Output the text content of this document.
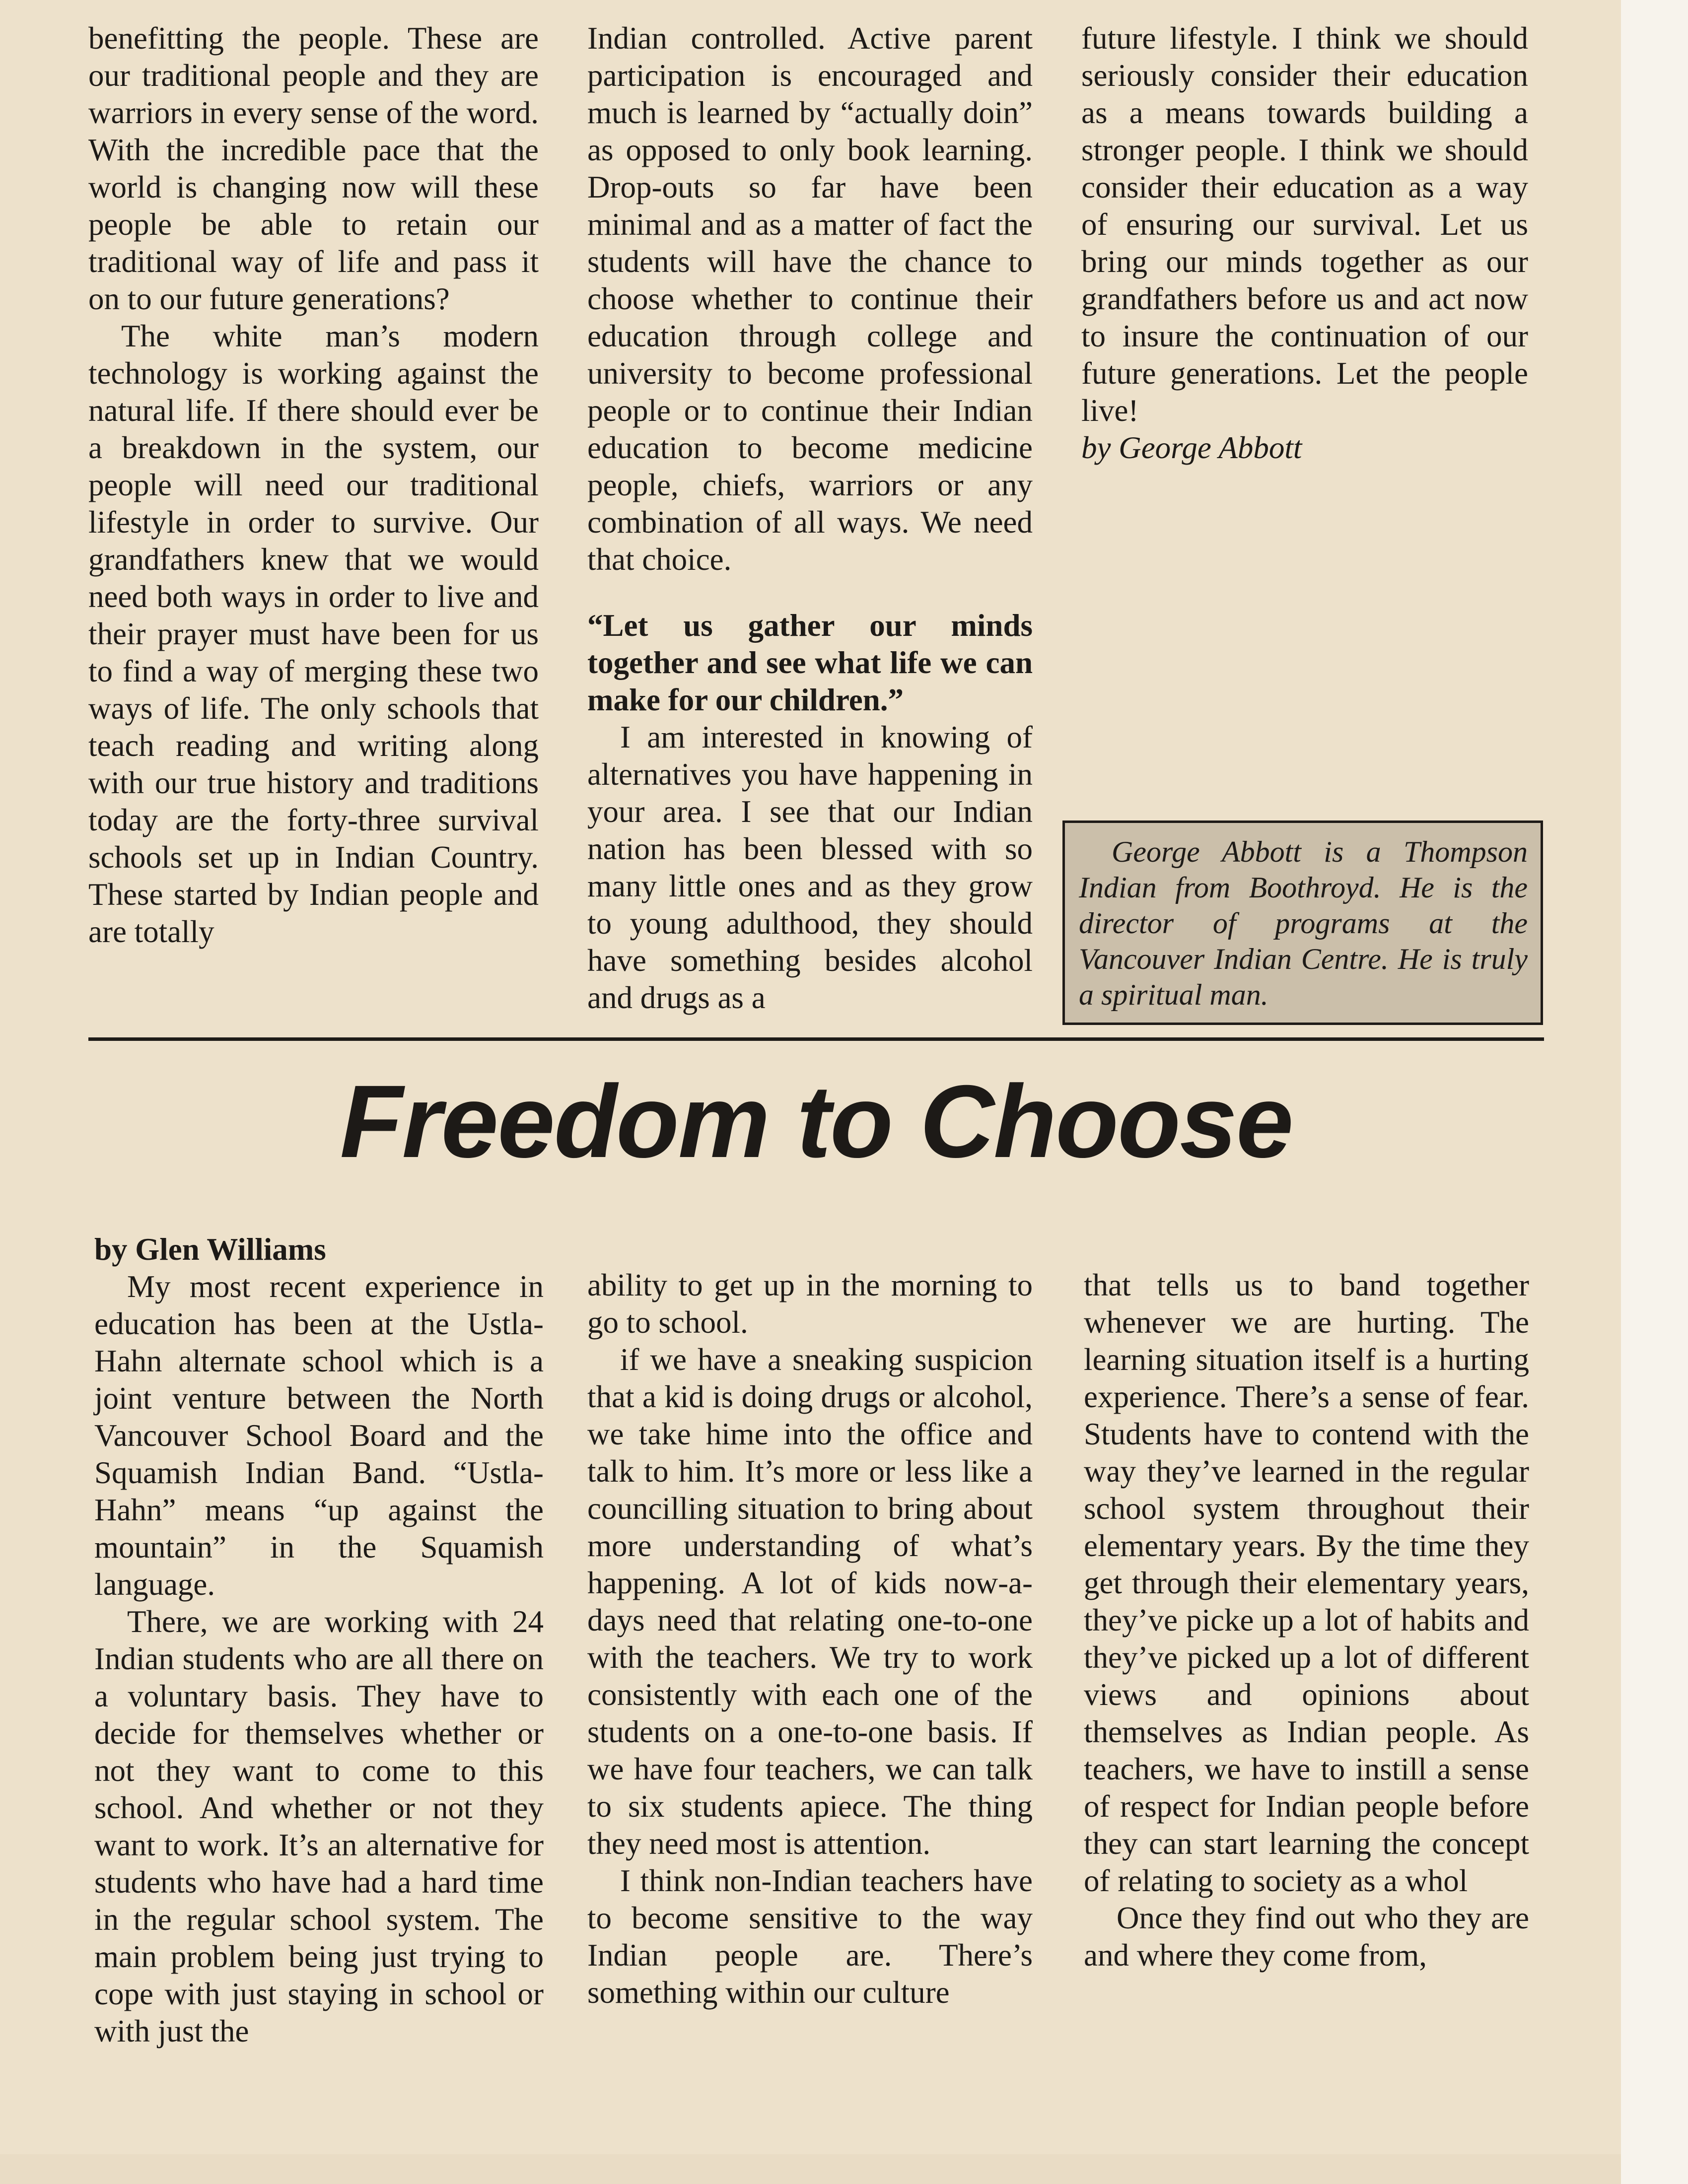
benefitting the people. These are our traditional people and they are warriors in every sense of the word. With the incredible pace that the world is changing now will these people be able to retain our traditional way of life and pass it on to our future generations?

The white man’s modern technology is working against the natural life. If there should ever be a breakdown in the system, our people will need our traditional lifestyle in order to survive. Our grandfathers knew that we would need both ways in order to live and their prayer must have been for us to find a way of merging these two ways of life. The only schools that teach reading and writing along with our true history and traditions today are the forty-three survival schools set up in Indian Country. These started by Indian people and are totally

Indian controlled. Active parent participation is encouraged and much is learned by “actually doin” as opposed to only book learning. Drop-outs so far have been minimal and as a matter of fact the students will have the chance to choose whether to continue their education through college and university to become professional people or to continue their Indian education to become medicine people, chiefs, warriors or any combination of all ways. We need that choice.

“Let us gather our minds together and see what life we can make for our children.”

I am interested in knowing of alternatives you have happening in your area. I see that our Indian nation has been blessed with so many little ones and as they grow to young adulthood, they should have something besides alcohol and drugs as a

future lifestyle. I think we should seriously consider their education as a means towards building a stronger people. I think we should consider their education as a way of ensuring our survival. Let us bring our minds together as our grandfathers before us and act now to insure the continuation of our future generations. Let the people live!

by George Abbott

George Abbott is a Thompson Indian from Boothroyd. He is the director of programs at the Vancouver Indian Centre. He is truly a spiritual man.

Freedom to Choose

by Glen Williams

My most recent experience in education has been at the Ustla-Hahn alternate school which is a joint venture between the North Vancouver School Board and the Squamish Indian Band. “Ustla-Hahn” means “up against the mountain” in the Squamish language.

There, we are working with 24 Indian students who are all there on a voluntary basis. They have to decide for themselves whether or not they want to come to this school. And whether or not they want to work. It’s an alternative for students who have had a hard time in the regular school system. The main problem being just trying to cope with just staying in school or with just the

ability to get up in the morning to go to school.

if we have a sneaking suspicion that a kid is doing drugs or alcohol, we take hime into the office and talk to him. It’s more or less like a councilling situation to bring about more understanding of what’s happening. A lot of kids now-a-days need that relating one-to-one with the teachers. We try to work consistently with each one of the students on a one-to-one basis. If we have four teachers, we can talk to six students apiece. The thing they need most is attention.

I think non-Indian teachers have to become sensitive to the way Indian people are. There’s something within our culture

that tells us to band together whenever we are hurting. The learning situation itself is a hurting experience. There’s a sense of fear. Students have to contend with the way they’ve learned in the regular school system throughout their elementary years. By the time they get through their elementary years, they’ve picke up a lot of habits and they’ve picked up a lot of different views and opinions about themselves as Indian people. As teachers, we have to instill a sense of respect for Indian people before they can start learning the concept of relating to society as a whol

Once they find out who they are and where they come from,
